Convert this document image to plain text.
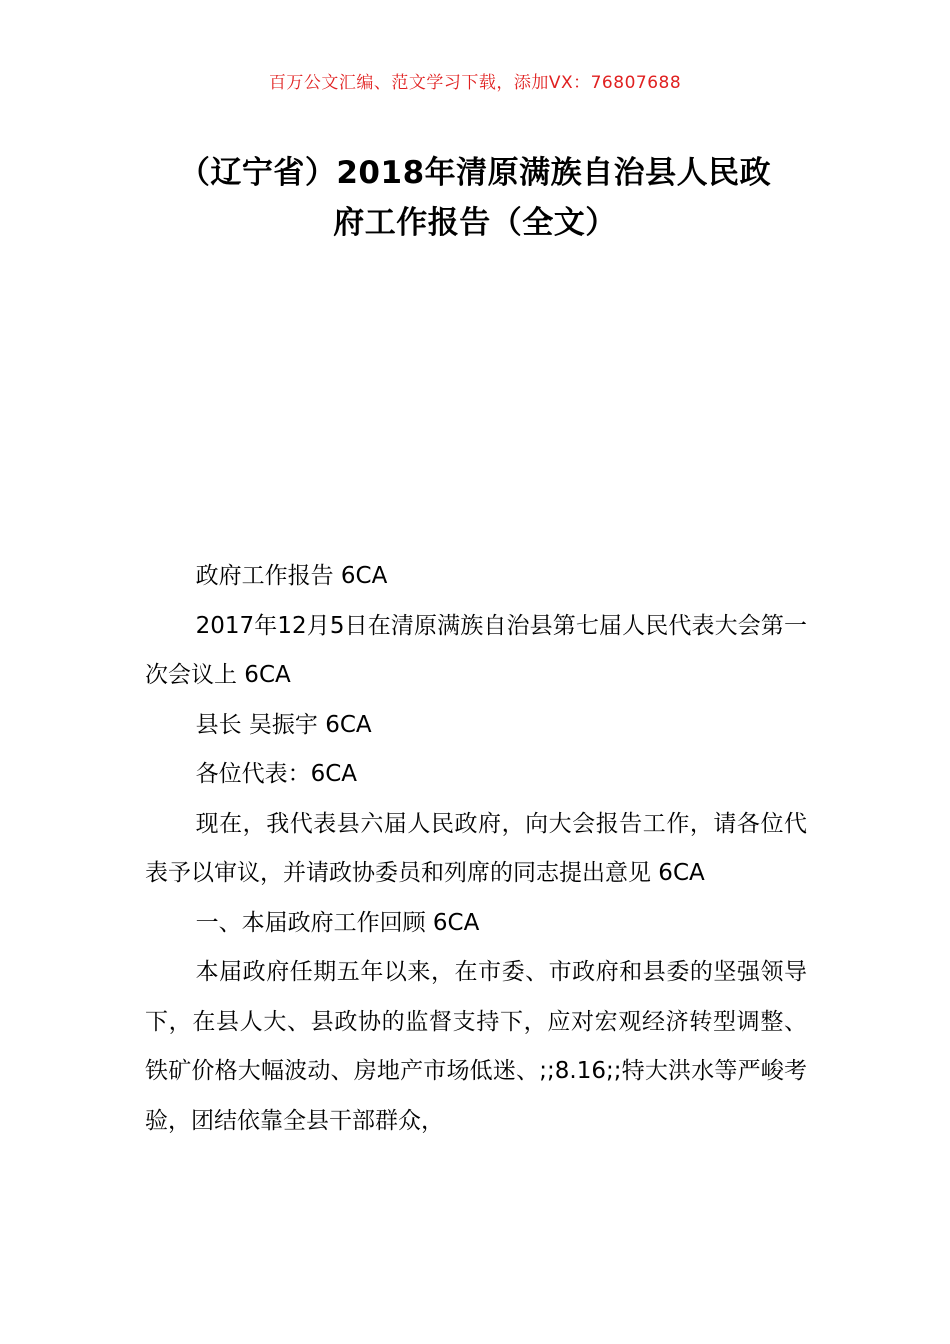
百万公文汇编、范文学习下载，添加VX：76807688
（辽宁省）2018年清原满族自治县人民政
府工作报告（全文）

政府工作报告 6CA

2017年12月5日在清原满族自治县第七届人民代表大会第一次会议上 6CA

县长 吴振宇 6CA

各位代表：6CA

现在，我代表县六届人民政府，向大会报告工作，请各位代表予以审议，并请政协委员和列席的同志提出意见 6CA

一、本届政府工作回顾 6CA

本届政府任期五年以来，在市委、市政府和县委的坚强领导下，在县人大、县政协的监督支持下，应对宏观经济转型调整、铁矿价格大幅波动、房地产市场低迷、;;8.16;;特大洪水等严峻考验，团结依靠全县干部群众，
